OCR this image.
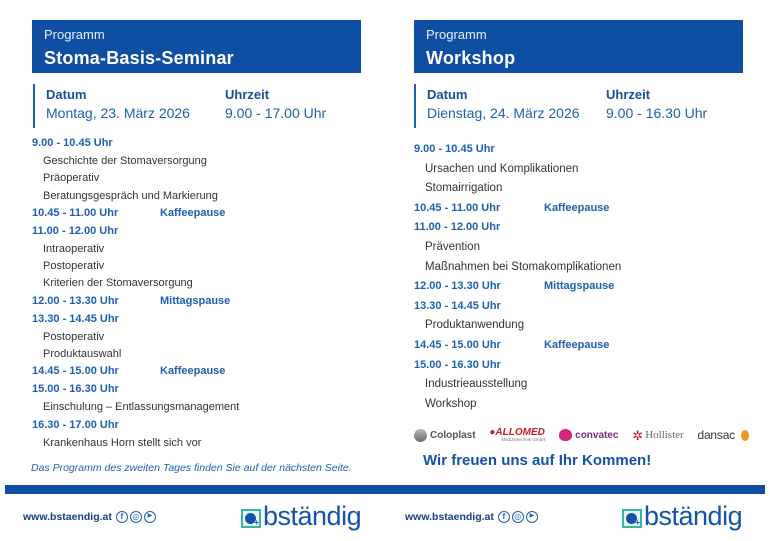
Programm
Stoma-Basis-Seminar
Datum
Montag, 23. März 2026
Uhrzeit
9.00 - 17.00 Uhr
9.00 - 10.45 Uhr
Geschichte der Stomaversorgung
Präoperativ
Beratungsgespräch und Markierung
10.45 - 11.00 Uhr	Kaffeepause
11.00 - 12.00 Uhr
Intraoperativ
Postoperativ
Kriterien der Stomaversorgung
12.00 - 13.30 Uhr	Mittagspause
13.30 - 14.45 Uhr
Postoperativ
Produktauswahl
14.45 - 15.00 Uhr	Kaffeepause
15.00 - 16.30 Uhr
Einschulung – Entlassungsmanagement
16.30 - 17.00 Uhr
Krankenhaus Horn stellt sich vor
Das Programm des zweiten Tages finden Sie auf der nächsten Seite.
Programm
Workshop
Datum
Dienstag, 24. März 2026
Uhrzeit
9.00 - 16.30 Uhr
9.00 - 10.45 Uhr
Ursachen und Komplikationen
Stomairrigation
10.45 - 11.00 Uhr	Kaffeepause
11.00 - 12.00 Uhr
Prävention
Maßnahmen bei Stomakomplikationen
12.00 - 13.30 Uhr	Mittagspause
13.30 - 14.45 Uhr
Produktanwendung
14.45 - 15.00 Uhr	Kaffeepause
15.00 - 16.30 Uhr
Industrieausstellung
Workshop
Coloplast ●ALLOMED
Medizintechnik GmbH	convatec ✲ Hollister dansac
Wir freuen uns auf Ihr Kommen!
www.bstaendig.at	f	◎	▶
+ bständig	www.bstaendig.at	f	◎	▶
+ bständig
